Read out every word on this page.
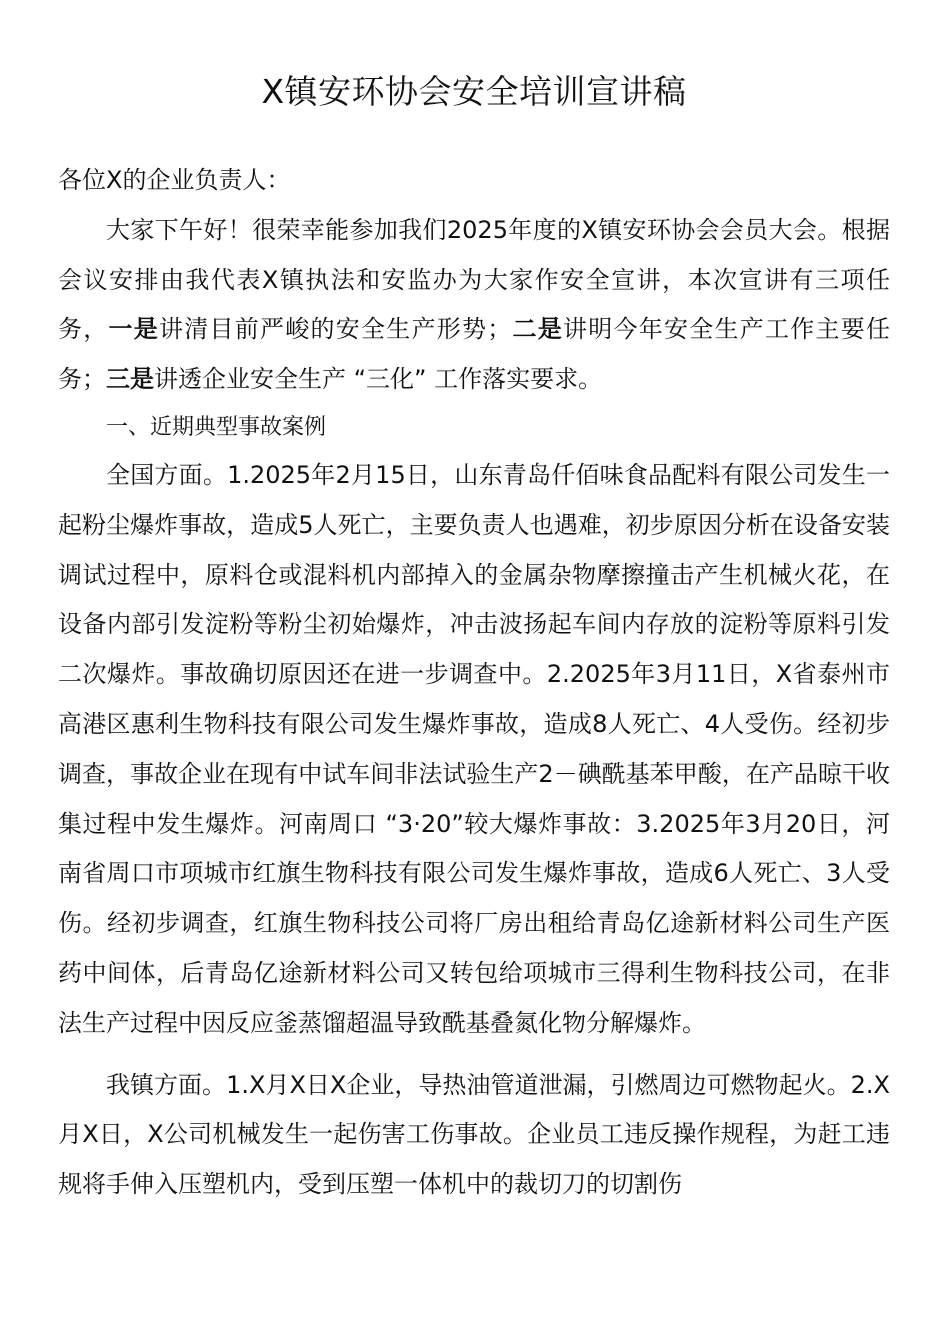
X镇安环协会安全培训宣讲稿

各位X的企业负责人：

大家下午好！很荣幸能参加我们2025年度的X镇安环协会会员大会。根据会议安排由我代表X镇执法和安监办为大家作安全宣讲，本次宣讲有三项任务，一是讲清目前严峻的安全生产形势；二是讲明今年安全生产工作主要任务；三是讲透企业安全生产 “三化” 工作落实要求。

一、近期典型事故案例

全国方面。1.2025年2月15日，山东青岛仟佰味食品配料有限公司发生一起粉尘爆炸事故，造成5人死亡，主要负责人也遇难，初步原因分析在设备安装调试过程中，原料仓或混料机内部掉入的金属杂物摩擦撞击产生机械火花，在设备内部引发淀粉等粉尘初始爆炸，冲击波扬起车间内存放的淀粉等原料引发二次爆炸。事故确切原因还在进一步调查中。2.2025年3月11日，X省泰州市高港区惠利生物科技有限公司发生爆炸事故，造成8人死亡、4人受伤。经初步调查，事故企业在现有中试车间非法试验生产2－碘酰基苯甲酸，在产品晾干收集过程中发生爆炸。河南周口 “3·20”较大爆炸事故：3.2025年3月20日，河南省周口市项城市红旗生物科技有限公司发生爆炸事故，造成6人死亡、3人受伤。经初步调查，红旗生物科技公司将厂房出租给青岛亿途新材料公司生产医药中间体，后青岛亿途新材料公司又转包给项城市三得利生物科技公司，在非法生产过程中因反应釜蒸馏超温导致酰基叠氮化物分解爆炸。

我镇方面。1.X月X日X企业，导热油管道泄漏，引燃周边可燃物起火。2.X月X日，X公司机械发生一起伤害工伤事故。企业员工违反操作规程，为赶工违规将手伸入压塑机内，受到压塑一体机中的裁切刀的切割伤
